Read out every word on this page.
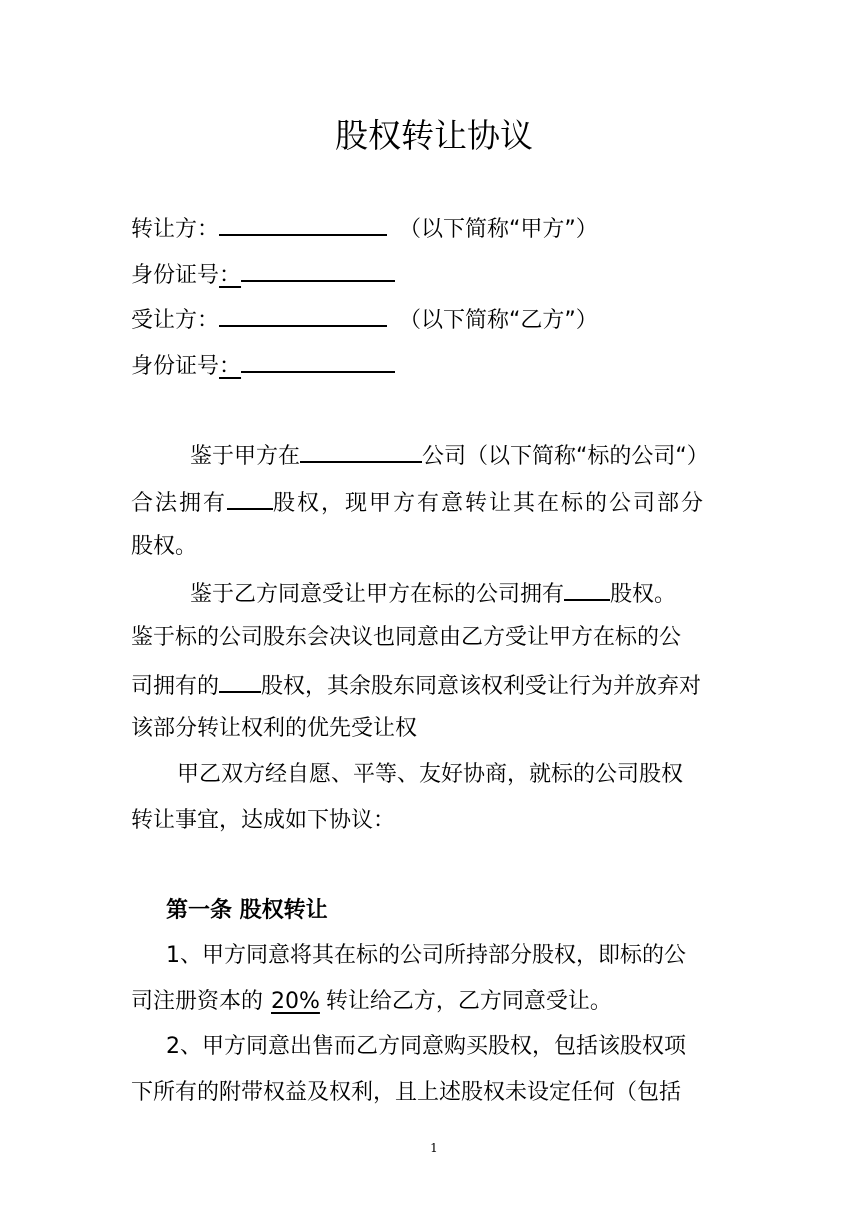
股权转让协议
转让方：	（以下简称“甲方”）
身份证号：
受让方：	（以下简称“乙方”）
身份证号：
鉴于甲方在	公司（以下简称“标的公司“）
合法拥有 股权，现甲方有意转让其在标的公司部分
股权。
鉴于乙方同意受让甲方在标的公司拥有 股权。
鉴于标的公司股东会决议也同意由乙方受让甲方在标的公
司拥有的 股权，其余股东同意该权利受让行为并放弃对
该部分转让权利的优先受让权
甲乙双方经自愿、平等、友好协商，就标的公司股权
转让事宜，达成如下协议：
第一条 股权转让
1、甲方同意将其在标的公司所持部分股权，即标的公
司注册资本的 20% 转让给乙方，乙方同意受让。
2、甲方同意出售而乙方同意购买股权，包括该股权项
下所有的附带权益及权利，且上述股权未设定任何（包括
1
